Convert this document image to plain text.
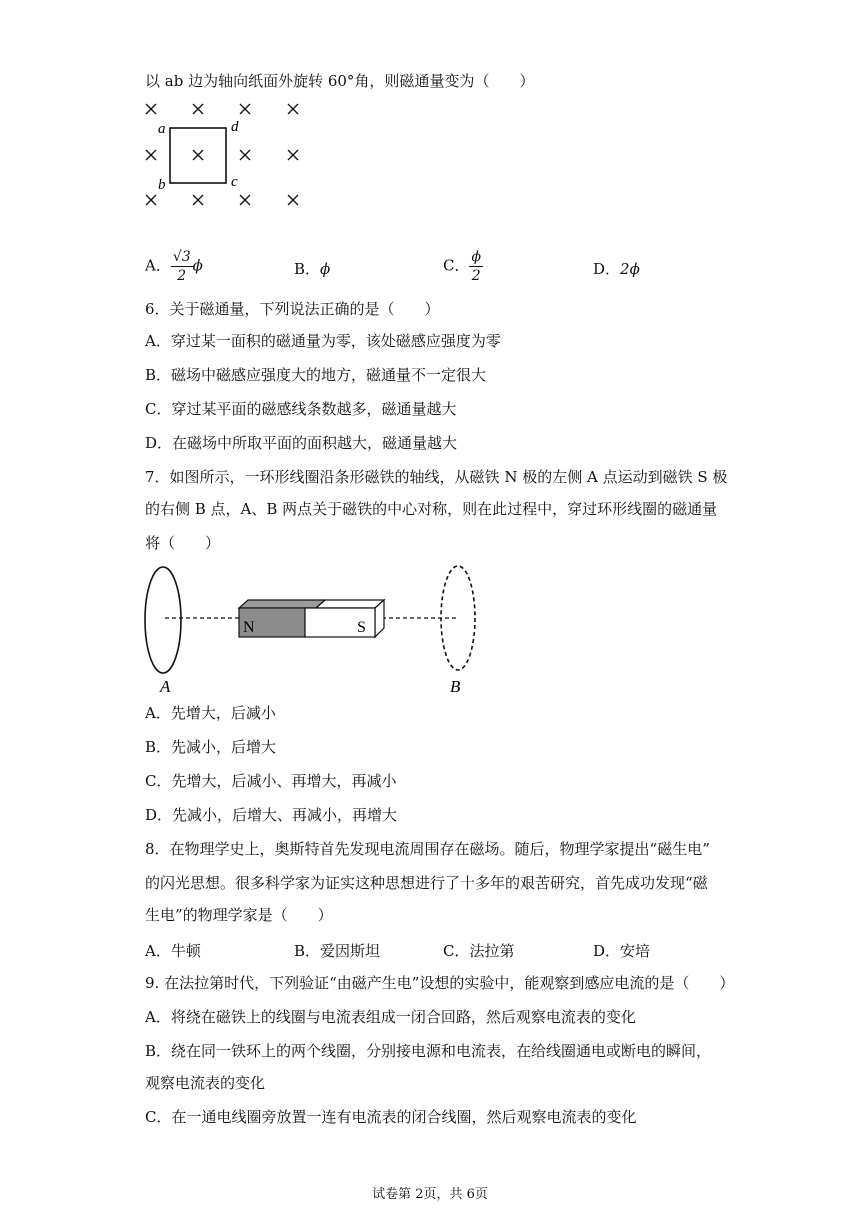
以 ab 边为轴向纸面外旋转 60°角，则磁通量变为（　　）
a	d
b	c
A． $\frac{√3}{2}$ ϕ	B．ϕ	C． $\frac{\phi}{2}$	D．2ϕ
6．关于磁通量，下列说法正确的是（　　）
A．穿过某一面积的磁通量为零，该处磁感应强度为零
B．磁场中磁感应强度大的地方，磁通量不一定很大
C．穿过某平面的磁感线条数越多，磁通量越大
D．在磁场中所取平面的面积越大，磁通量越大
7．如图所示，一环形线圈沿条形磁铁的轴线，从磁铁 N 极的左侧 A 点运动到磁铁 S 极
的右侧 B 点，A、B 两点关于磁铁的中心对称，则在此过程中，穿过环形线圈的磁通量
将（　　）
N	S
A	B
A．先增大，后减小
B．先减小，后增大
C．先增大，后减小、再增大，再减小
D．先减小，后增大、再减小，再增大
8．在物理学史上，奥斯特首先发现电流周围存在磁场。随后，物理学家提出“磁生电”
的闪光思想。很多科学家为证实这种思想进行了十多年的艰苦研究，首先成功发现“磁
生电”的物理学家是（　　）
A．牛顿	B．爱因斯坦	C．法拉第	D．安培
9. 在法拉第时代，下列验证“由磁产生电”设想的实验中，能观察到感应电流的是（　　）
A．将绕在磁铁上的线圈与电流表组成一闭合回路，然后观察电流表的变化
B．绕在同一铁环上的两个线圈，分别接电源和电流表，在给线圈通电或断电的瞬间，
观察电流表的变化
C．在一通电线圈旁放置一连有电流表的闭合线圈，然后观察电流表的变化
试卷第 2页，共 6页
